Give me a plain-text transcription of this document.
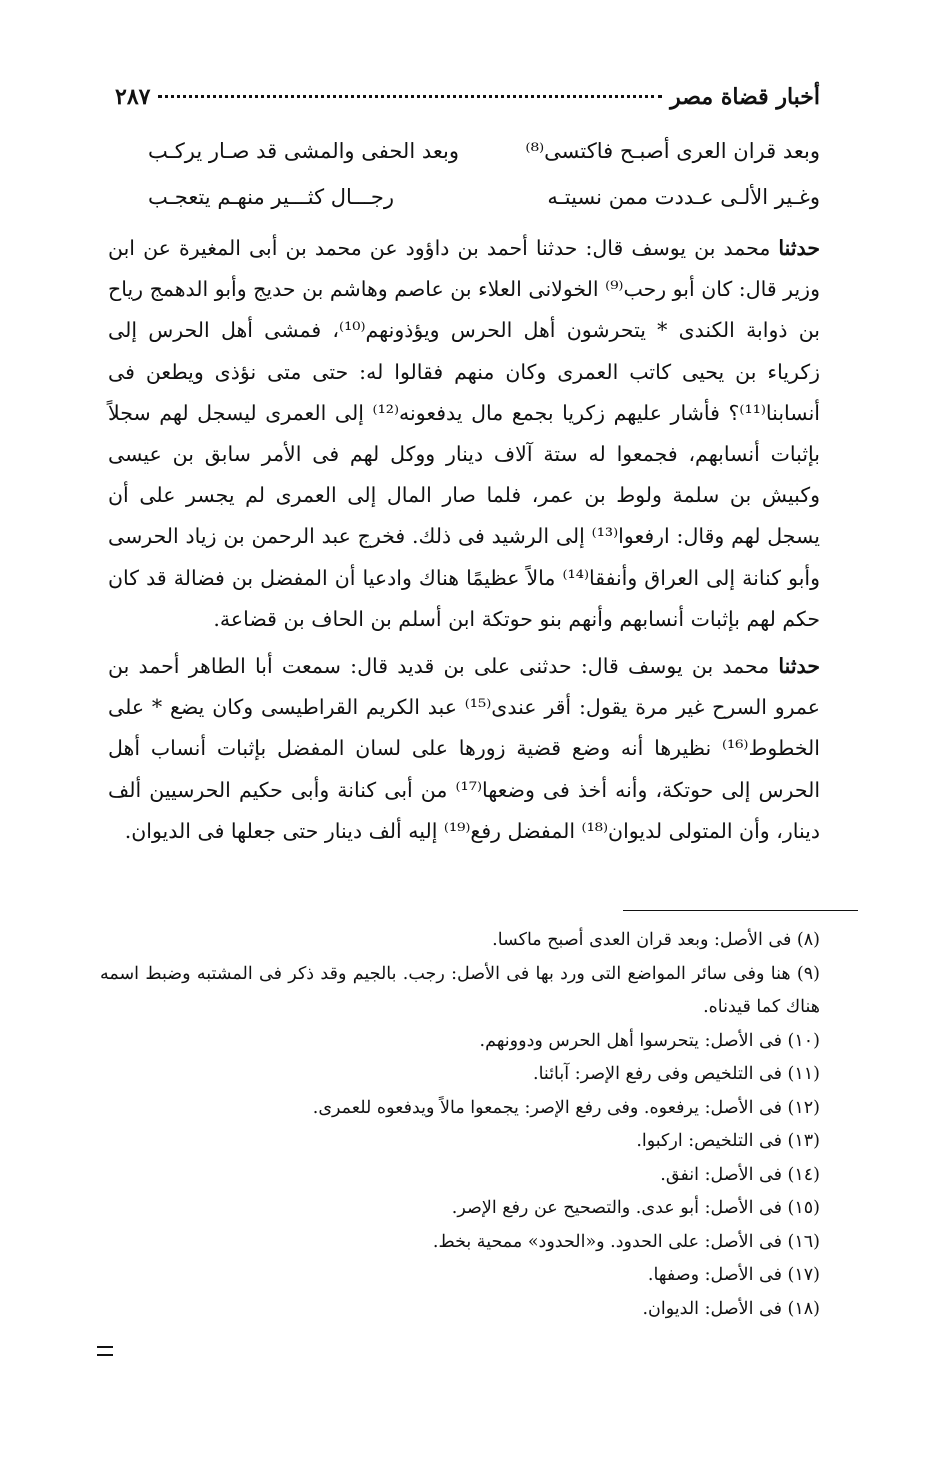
أخبار قضاة مصر
٢٨٧
وبعد قران العرى أصبـح فاكتسى⁽⁸⁾
وبعد الحفى والمشى قد صـار يركـب
وغـير الألـى عـددت ممن نسيتـه
رجـــال كثـــير منهـم يتعجـب

حدثنا محمد بن يوسف قال: حدثنا أحمد بن داؤود عن محمد بن أبى المغيرة عن ابن وزير قال: كان أبو رحب⁽⁹⁾ الخولانى العلاء بن عاصم وهاشم بن حديج وأبو الدهمج رياح بن ذوابة الكندى * يتحرشون أهل الحرس ويؤذونهم⁽¹⁰⁾، فمشى أهل الحرس إلى زكرياء بن يحيى كاتب العمرى وكان منهم فقالوا له: حتى متى نؤذى ويطعن فى أنسابنا⁽¹¹⁾؟ فأشار عليهم زكريا بجمع مال يدفعونه⁽¹²⁾ إلى العمرى ليسجل لهم سجلاً بإثبات أنسابهم، فجمعوا له ستة آلاف دينار ووكل لهم فى الأمر سابق بن عيسى وكبيش بن سلمة ولوط بن عمر، فلما صار المال إلى العمرى لم يجسر على أن يسجل لهم وقال: ارفعوا⁽¹³⁾ إلى الرشيد فى ذلك. فخرج عبد الرحمن بن زياد الحرسى وأبو كنانة إلى العراق وأنفقا⁽¹⁴⁾ مالاً عظيمًا هناك وادعيا أن المفضل بن فضالة قد كان حكم لهم بإثبات أنسابهم وأنهم بنو حوتكة ابن أسلم بن الحاف بن قضاعة.

حدثنا محمد بن يوسف قال: حدثنى على بن قديد قال: سمعت أبا الطاهر أحمد بن عمرو السرح غير مرة يقول: أقر عندى⁽¹⁵⁾ عبد الكريم القراطيسى وكان يضع * على الخطوط⁽¹⁶⁾ نظيرها أنه وضع قضية زورها على لسان المفضل بإثبات أنساب أهل الحرس إلى حوتكة، وأنه أخذ فى وضعها⁽¹⁷⁾ من أبى كنانة وأبى حكيم الحرسيين ألف دينار، وأن المتولى لديوان⁽¹⁸⁾ المفضل رفع⁽¹⁹⁾ إليه ألف دينار حتى جعلها فى الديوان.

(٨) فى الأصل: وبعد قران العدى أصبح ماكسا.

(٩) هنا وفى سائر المواضع التى ورد بها فى الأصل: رجب. بالجيم وقد ذكر فى المشتبه وضبط اسمه هناك كما قيدناه.

(١٠) فى الأصل: يتحرسوا أهل الحرس ودوونهم.

(١١) فى التلخيص وفى رفع الإصر: آبائنا.

(١٢) فى الأصل: يرفعوه. وفى رفع الإصر: يجمعوا مالاً ويدفعوه للعمرى.

(١٣) فى التلخيص: اركبوا.

(١٤) فى الأصل: انفق.

(١٥) فى الأصل: أبو عدى. والتصحيح عن رفع الإصر.

(١٦) فى الأصل: على الحدود. و«الحدود» ممحية بخط.

(١٧) فى الأصل: وصفها.

(١٨) فى الأصل: الديوان.
